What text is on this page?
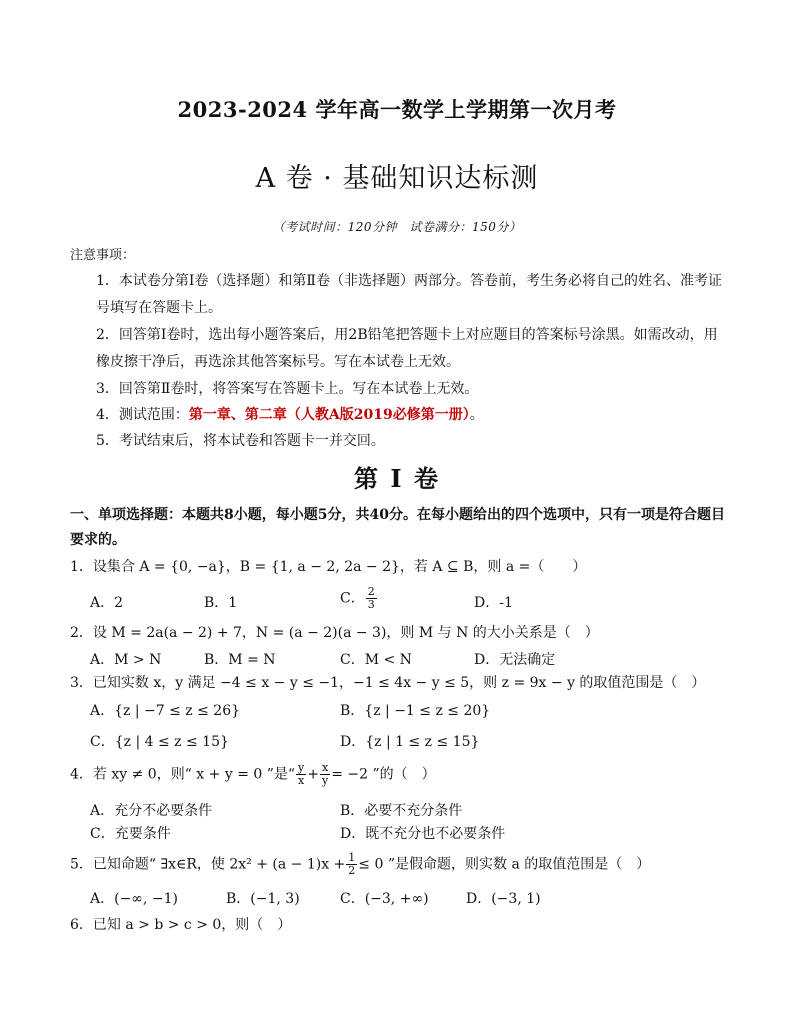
2023-2024 学年高一数学上学期第一次月考
A 卷 · 基础知识达标测
（考试时间：120分钟　试卷满分：150分）
注意事项：
1．本试卷分第Ⅰ卷（选择题）和第Ⅱ卷（非选择题）两部分。答卷前，考生务必将自己的姓名、准考证号填写在答题卡上。
2．回答第Ⅰ卷时，选出每小题答案后，用2B铅笔把答题卡上对应题目的答案标号涂黑。如需改动，用橡皮擦干净后，再选涂其他答案标号。写在本试卷上无效。
3．回答第Ⅱ卷时，将答案写在答题卡上。写在本试卷上无效。
4．测试范围：第一章、第二章（人教A版2019必修第一册）。
5．考试结束后，将本试卷和答题卡一并交回。
第 I 卷
一、单项选择题：本题共8小题，每小题5分，共40分。在每小题给出的四个选项中，只有一项是符合题目要求的。
1．设集合 A = {0, −a}，B = {1, a − 2, 2a − 2}，若 A ⊆ B，则 a =（　　）
A．2	B．1	C． $\frac{2}{3}$	D．-1
2．设 M = 2a(a − 2) + 7，N = (a − 2)(a − 3)，则 M 与 N 的大小关系是（　）
A．M > N	B．M = N	C．M < N	D．无法确定
3．已知实数 x，y 满足 −4 ≤ x − y ≤ −1，−1 ≤ 4x − y ≤ 5，则 z = 9x − y 的取值范围是（　）
A．{z | −7 ≤ z ≤ 26}	B．{z | −1 ≤ z ≤ 20}
C．{z | 4 ≤ z ≤ 15}	D．{z | 1 ≤ z ≤ 15}
4．若 xy ≠ 0，则“ x + y = 0 ”是“ $\frac{y}{x} + \frac{x}{y} = -2$ ”的（　）
A．充分不必要条件	B．必要不充分条件
C．充要条件	D．既不充分也不必要条件
5．已知命题“ ∃x∈R，使 $2x^2 + (a - 1)x + \frac{1}{2} \le 0$ ”是假命题，则实数 a 的取值范围是（　）
A．(−∞, −1)	B．(−1, 3)	C．(−3, +∞)	D．(−3, 1)
6．已知 a > b > c > 0，则（　）
